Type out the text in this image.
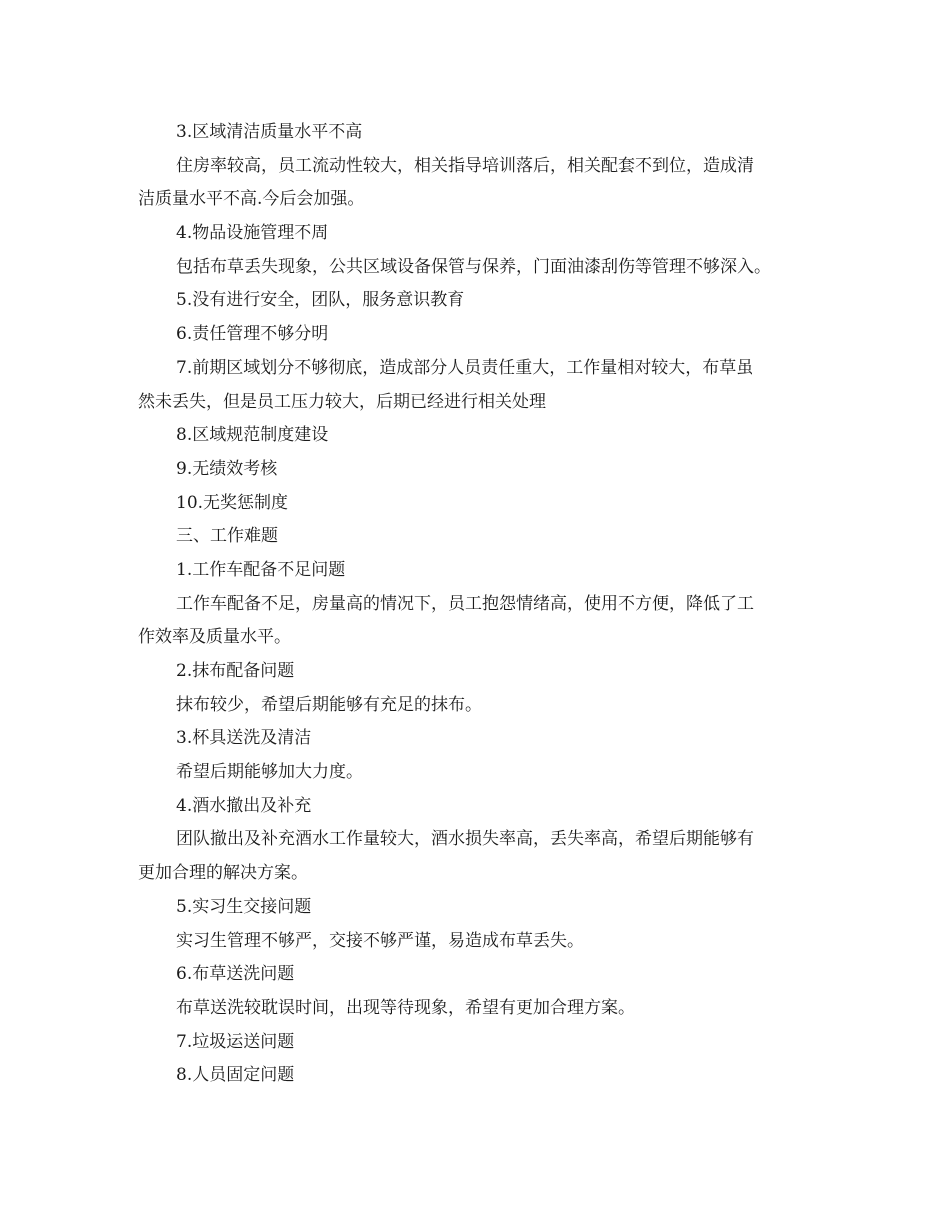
3.区域清洁质量水平不高

住房率较高，员工流动性较大，相关指导培训落后，相关配套不到位，造成清

洁质量水平不高.今后会加强。

4.物品设施管理不周

包括布草丢失现象，公共区域设备保管与保养，门面油漆刮伤等管理不够深入。

5.没有进行安全，团队，服务意识教育

6.责任管理不够分明

7.前期区域划分不够彻底，造成部分人员责任重大，工作量相对较大，布草虽

然未丢失，但是员工压力较大，后期已经进行相关处理

8.区域规范制度建设

9.无绩效考核

10.无奖惩制度

三、工作难题

1.工作车配备不足问题

工作车配备不足，房量高的情况下，员工抱怨情绪高，使用不方便，降低了工

作效率及质量水平。

2.抹布配备问题

抹布较少，希望后期能够有充足的抹布。

3.杯具送洗及清洁

希望后期能够加大力度。

4.酒水撤出及补充

团队撤出及补充酒水工作量较大，酒水损失率高，丢失率高，希望后期能够有

更加合理的解决方案。

5.实习生交接问题

实习生管理不够严，交接不够严谨，易造成布草丢失。

6.布草送洗问题

布草送洗较耽误时间，出现等待现象，希望有更加合理方案。

7.垃圾运送问题

8.人员固定问题
